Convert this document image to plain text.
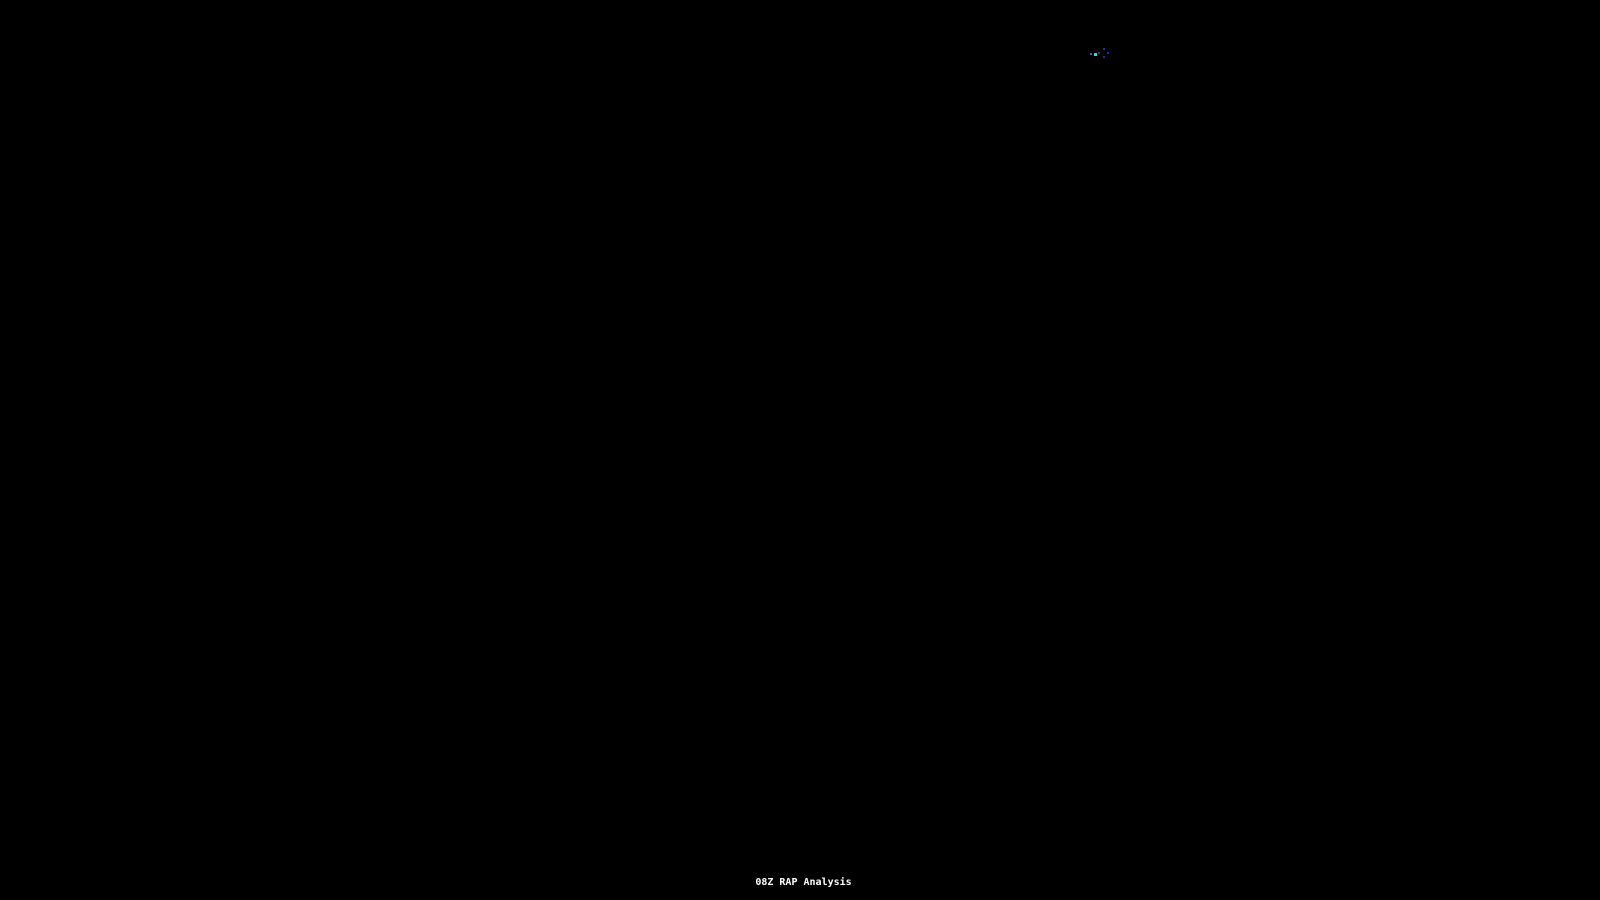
08Z RAP Analysis
